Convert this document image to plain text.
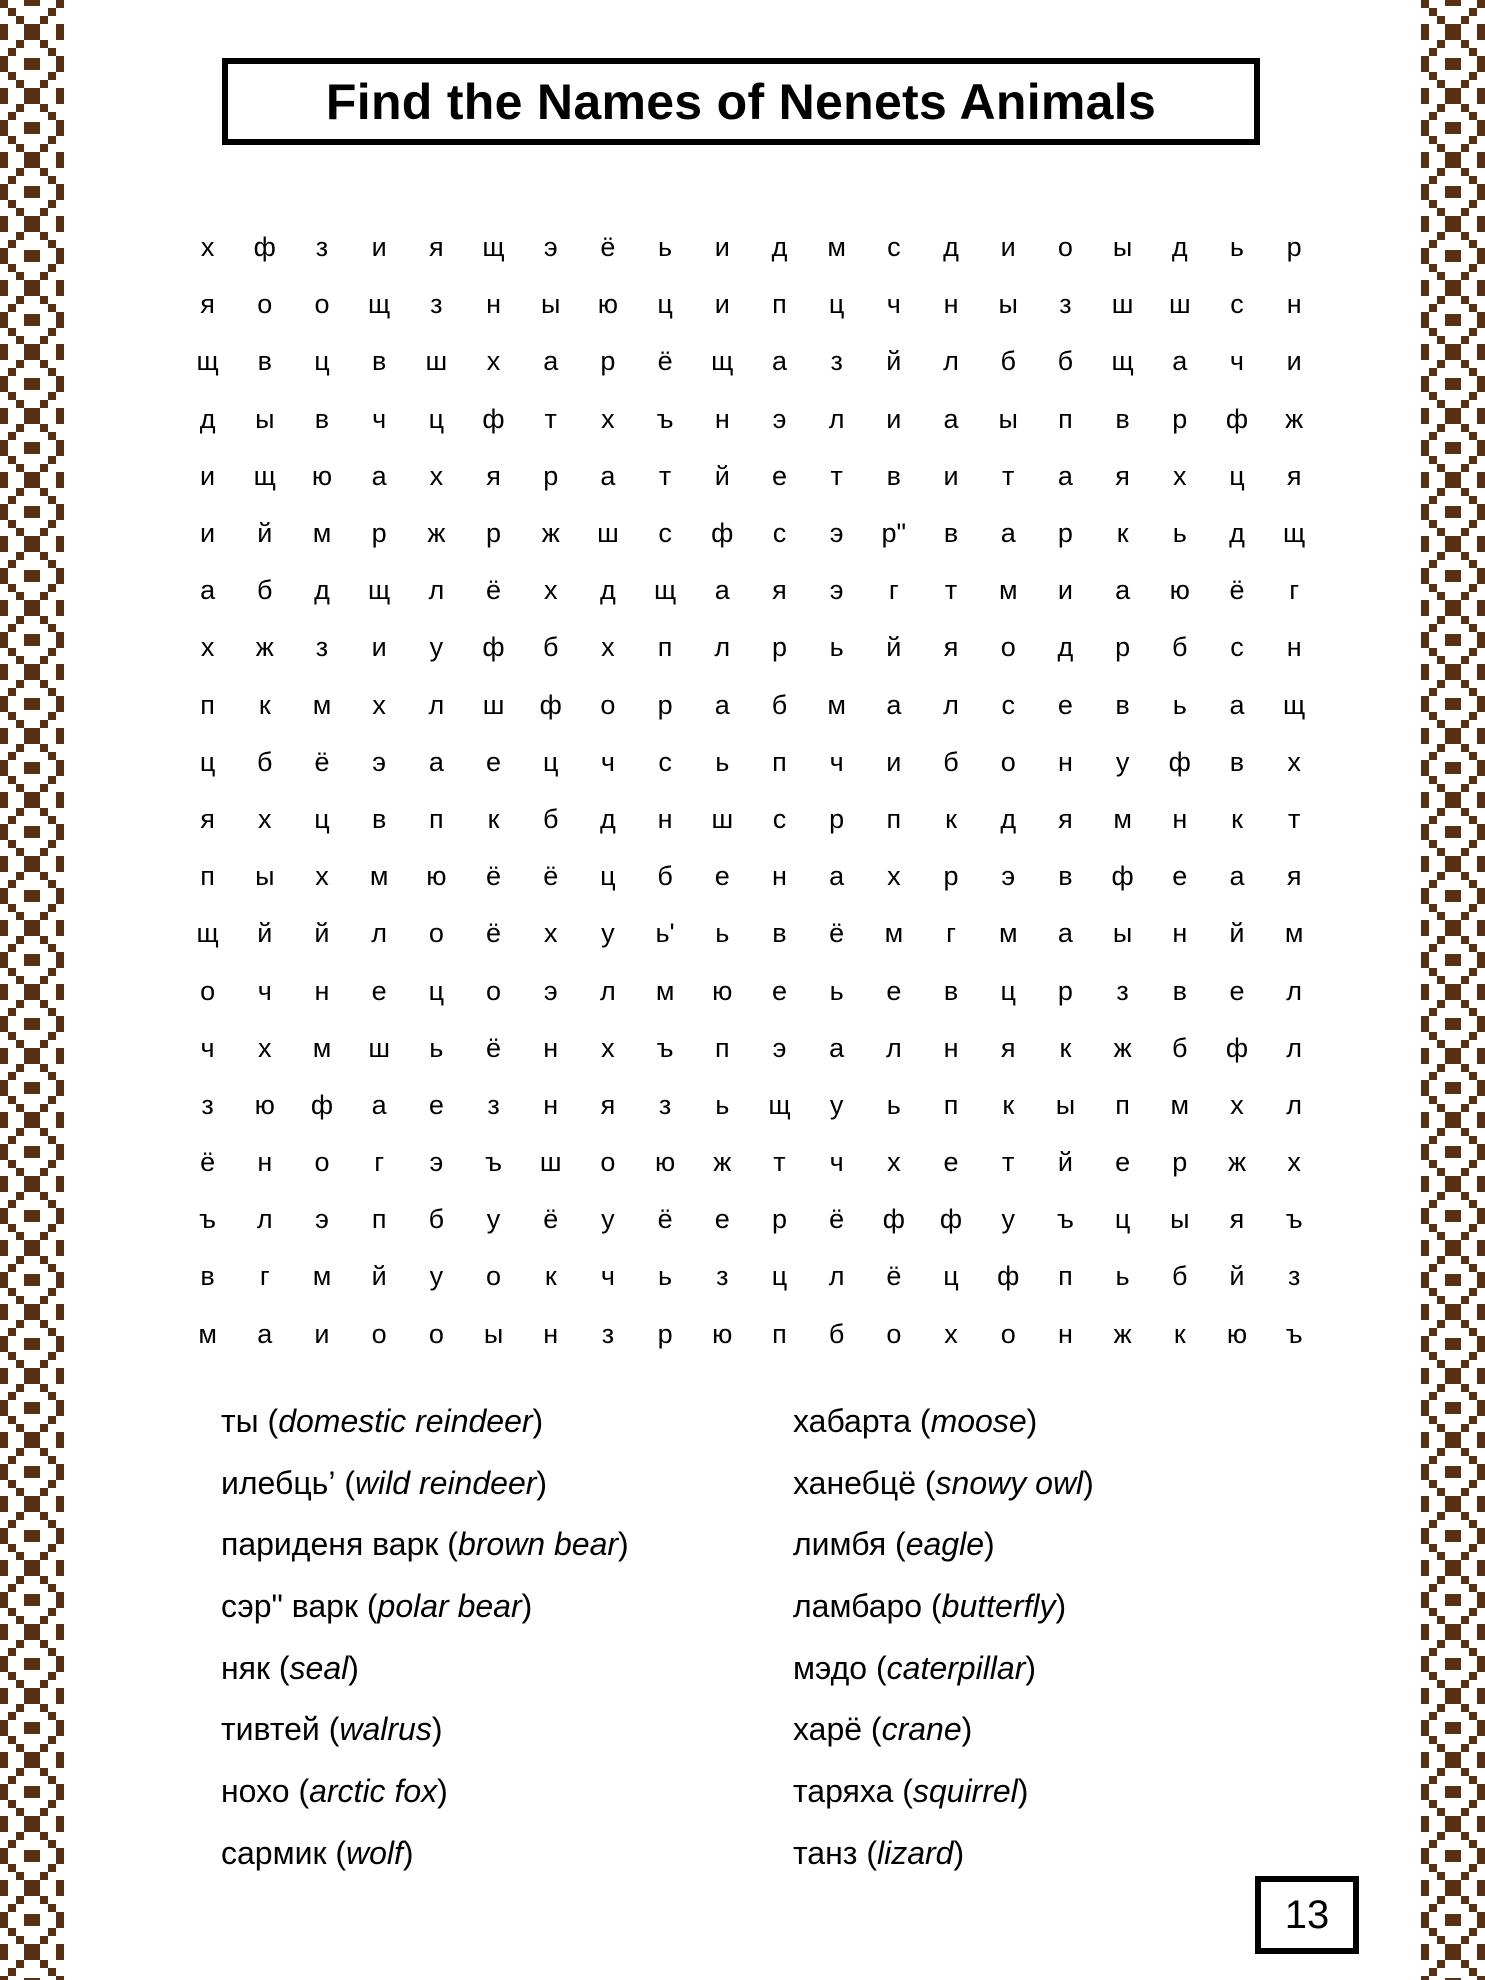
Find the Names of Nenets Animals
х	ф	з	и	я	щ	э	ё	ь	и	д	м	с	д	и	о	ы	д	ь	р
я	о	о	щ	з	н	ы	ю	ц	и	п	ц	ч	н	ы	з	ш	ш	с	н
щ	в	ц	в	ш	х	а	р	ё	щ	а	з	й	л	б	б	щ	а	ч	и
д	ы	в	ч	ц	ф	т	х	ъ	н	э	л	и	а	ы	п	в	р	ф	ж
и	щ	ю	а	х	я	р	а	т	й	е	т	в	и	т	а	я	х	ц	я
и	й	м	р	ж	р	ж	ш	с	ф	с	э	р"	в	а	р	к	ь	д	щ
а	б	д	щ	л	ё	х	д	щ	а	я	э	г	т	м	и	а	ю	ё	г
х	ж	з	и	у	ф	б	х	п	л	р	ь	й	я	о	д	р	б	с	н
п	к	м	х	л	ш	ф	о	р	а	б	м	а	л	с	е	в	ь	а	щ
ц	б	ё	э	а	е	ц	ч	с	ь	п	ч	и	б	о	н	у	ф	в	х
я	х	ц	в	п	к	б	д	н	ш	с	р	п	к	д	я	м	н	к	т
п	ы	х	м	ю	ё	ё	ц	б	е	н	а	х	р	э	в	ф	е	а	я
щ	й	й	л	о	ё	х	у	ь'	ь	в	ё	м	г	м	а	ы	н	й	м
о	ч	н	е	ц	о	э	л	м	ю	е	ь	е	в	ц	р	з	в	е	л
ч	х	м	ш	ь	ё	н	х	ъ	п	э	а	л	н	я	к	ж	б	ф	л
з	ю	ф	а	е	з	н	я	з	ь	щ	у	ь	п	к	ы	п	м	х	л
ё	н	о	г	э	ъ	ш	о	ю	ж	т	ч	х	е	т	й	е	р	ж	х
ъ	л	э	п	б	у	ё	у	ё	е	р	ё	ф	ф	у	ъ	ц	ы	я	ъ
в	г	м	й	у	о	к	ч	ь	з	ц	л	ё	ц	ф	п	ь	б	й	з
м	а	и	о	о	ы	н	з	р	ю	п	б	о	х	о	н	ж	к	ю	ъ
ты ( domestic reindeer )
илебць’ ( wild reindeer )
париденя варк ( brown bear )
сэр" варк ( polar bear )
няк ( seal )
тивтей ( walrus )
нохо ( arctic fox )
сармик ( wolf )
хабарта ( moose )
ханебцё ( snowy owl )
лимбя ( eagle )
ламбаро ( butterfly )
мэдо ( caterpillar )
харё ( crane )
таряха ( squirrel )
танз ( lizard )
13
